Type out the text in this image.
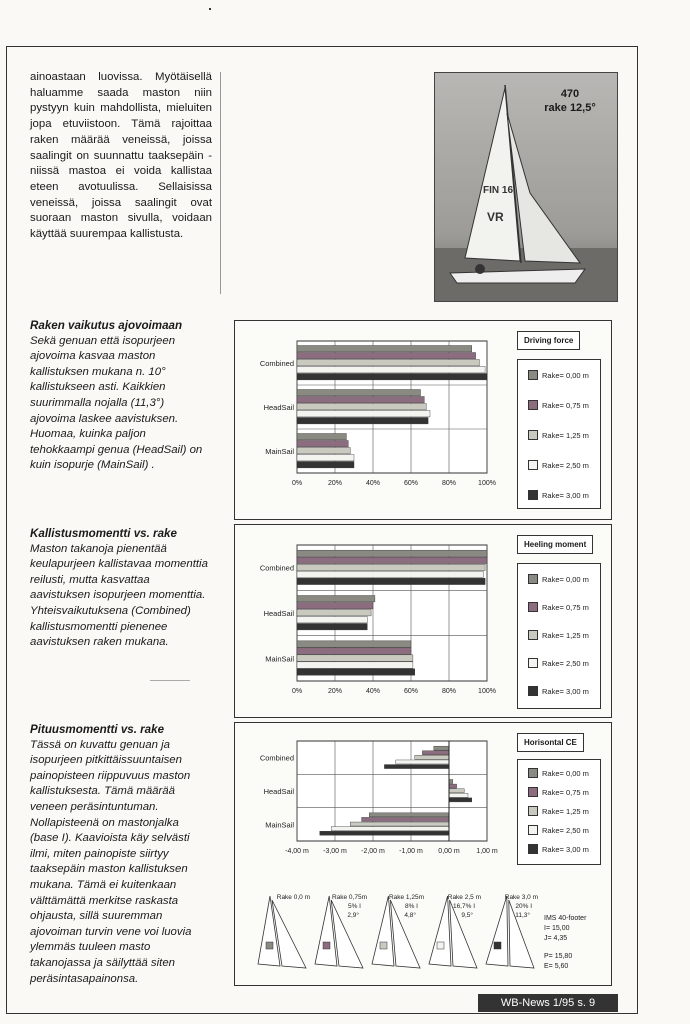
ainoastaan luovissa. Myötäisellä haluamme saada maston niin pystyyn kuin mahdollista, mieluiten jopa etuviistoon. Tämä rajoittaa raken määrää veneissä, joissa saalingit on suunnattu taaksepäin - niissä mastoa ei voida kallistaa eteen avotuulissa. Sellaisissa veneissä, joissa saalingit ovat suoraan maston sivulla, voidaan käyttää suurempaa kallistusta.
FIN 16
VR
470
rake 12,5°
Raken vaikutus ajovoimaan

Sekä genuan että isopurjeen ajovoima kasvaa maston kallistuksen mukana n. 10° kallistukseen asti. Kaikkien suurimmalla nojalla (11,3°) ajovoima laskee aavistuksen. Huomaa, kuinka paljon tehokkaampi genua (HeadSail) on kuin isopurje (MainSail) .

Kallistusmomentti vs. rake

Maston takanoja pienentää keulapurjeen kallistavaa momenttia reilusti, mutta kasvattaa aavistuksen isopurjeen momenttia. Yhteisvaikutuksena (Combined) kallistusmomentti pienenee aavistuksen raken mukana.

Pituusmomentti vs. rake

Tässä on kuvattu genuan ja isopurjeen pitkittäissuuntaisen painopisteen riippuvuus maston kallistuksesta. Tämä määrää veneen peräsintuntuman. Nollapisteenä on mastonjalka (base I). Kaavioista käy selvästi ilmi, miten painopiste siirtyy taaksepäin maston kallistuksen mukana. Tämä ei kuitenkaan välttämättä merkitse raskasta ohjausta, sillä suuremman ajovoiman turvin vene voi luovia ylemmäs tuuleen masto takanojassa ja säilyttää siten peräsintasapainonsa.

0%	20%	40%	60%	80%	100%
Combined
HeadSail
MainSail
Driving force
Rake= 0,00 m
Rake= 0,75 m
Rake= 1,25 m
Rake= 2,50 m
Rake= 3,00 m
0%	20%	40%	60%	80%	100%
Combined
HeadSail
MainSail
Heeling moment
Rake= 0,00 m
Rake= 0,75 m
Rake= 1,25 m
Rake= 2,50 m
Rake= 3,00 m
-4,00 m -3,00 m -2,00 m -1,00 m 0,00 m 1,00 m
Combined
HeadSail
MainSail
Horisontal CE
Rake= 0,00 m
Rake= 0,75 m
Rake= 1,25 m
Rake= 2,50 m
Rake= 3,00 m
Rake 0,0 m	Rake 0,75m
5% I
2,9°
Rake 1,25m
8% I
4,8°
Rake 2,5 m
16,7% I
9,5°
Rake 3,0 m
20% I
11,3° IMS 40-footer
I= 15,00
J= 4,35
P= 15,80
E= 5,60
WB-News 1/95 s. 9
